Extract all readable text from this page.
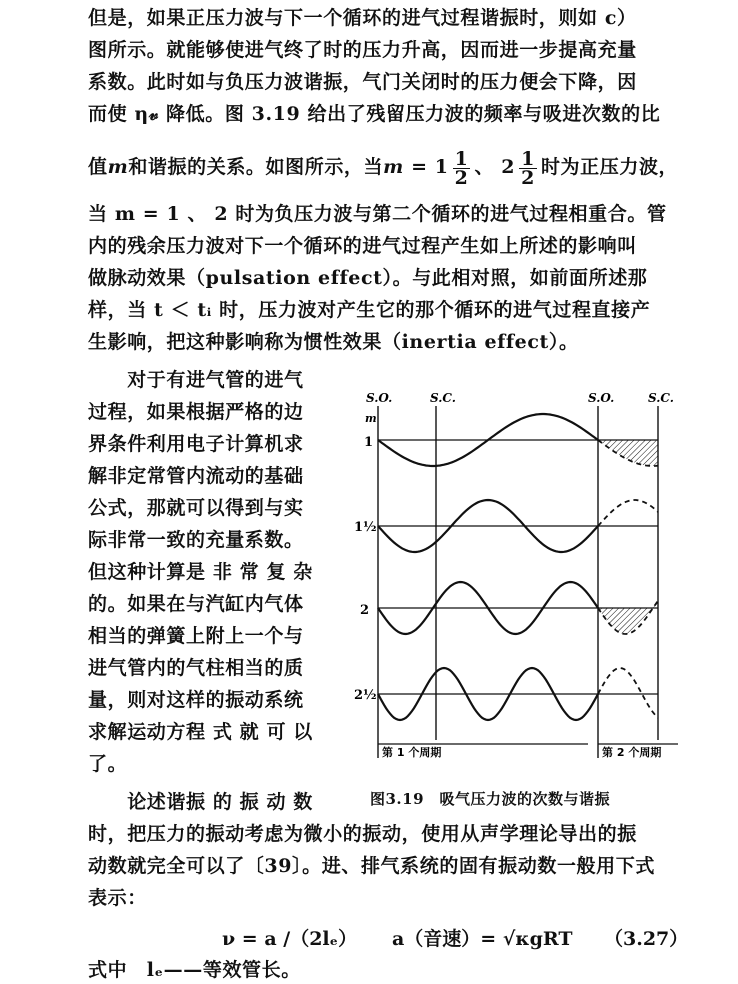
但是，如果正压力波与下一个循环的进气过程谐振时，则如 c）
图所示。就能够使进气终了时的压力升高，因而进一步提高充量
系数。此时如与负压力波谐振，气门关闭时的压力便会下降，因
而使 η𝓋 降低。图 3.19 给出了残留压力波的频率与吸进次数的比
值m和谐振的关系。如图所示，当$m = 1 \frac{1}{2}$ 、 $2 \frac{1}{2}$ 时为正压力波，
当 m = 1 、 2 时为负压力波与第二个循环的进气过程相重合。管
内的残余压力波对下一个循环的进气过程产生如上所述的影响叫
做脉动效果（pulsation effect）。与此相对照，如前面所述那
样，当 t ＜ tᵢ 时，压力波对产生它的那个循环的进气过程直接产
生影响，把这种影响称为惯性效果（inertia effect）。
　　对于有进气管的进气
过程，如果根据严格的边
界条件利用电子计算机求
解非定常管内流动的基础
公式，那就可以得到与实
际非常一致的充量系数。
但这种计算是 非 常 复 杂
的。如果在与汽缸内气体
相当的弹簧上附上一个与
进气管内的气柱相当的质
量，则对这样的振动系统
求解运动方程 式 就 可 以
了。
　　论述谐振 的 振 动 数
时，把压力的振动考虑为微小的振动，使用从声学理论导出的振
动数就完全可以了〔39〕。进、排气系统的固有振动数一般用下式
表示：
S.O.	S.C.	S.O.	S.C.
m
1
1½
2
2½
第 1 个周期	第 2 个周期
图3.19　吸气压力波的次数与谐振
ν = a /（2lₑ） a（音速）= √κgRT （3.27）
式中　lₑ——等效管长。
